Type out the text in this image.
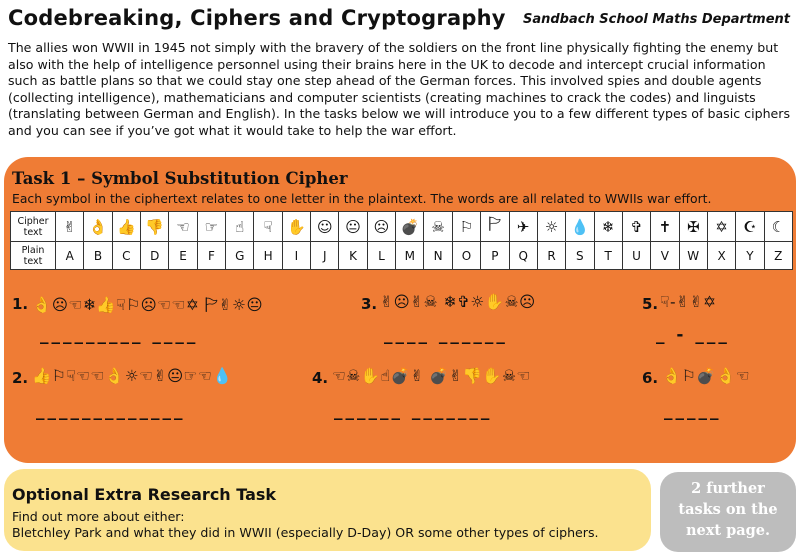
Codebreaking, Ciphers and Cryptography Sandbach School Maths Department
The allies won WWII in 1945 not simply with the bravery of the soldiers on the front line physically fighting the enemy but also with the help of intelligence personnel using their brains here in the UK to decode and intercept crucial information such as battle plans so that we could stay one step ahead of the German forces. This involved spies and double agents (collecting intelligence), mathematicians and computer scientists (creating machines to crack the codes) and linguists (translating between German and English). In the tasks below we will introduce you to a few different types of basic ciphers and you can see if you’ve got what it would take to help the war effort.
Task 1 – Symbol Substitution Cipher
Each symbol in the ciphertext relates to one letter in the plaintext. The words are all related to WWIIs war effort.
Cipher text	✌	👌	👍	👎	☜	☞	☝	☟	✋	☺	😐	☹	💣	☠	⚐	🏱	✈	☼	💧	❄	✞	✝	✠	✡	☪	☾
Plain text	A	B	C	D	E	F	G	H	I	J	K	L	M	N	O	P	Q	R	S	T	U	V	W	X	Y	Z
1. 👌☹☜❄👍☟⚐☹☜☜✡ 🏱✌☼😐
_________ ____
3. ✌☹✌☠ ❄✞☼✋☠☹
____ ______
5. ☟-✌✌✡
_ - ___
2. 👍⚐☟☜☜👌☼☜✌😐☞☜💧
_____________
4. ☜☠✋☝💣✌ 💣✌👎✋☠☜
______ _______
6. 👌⚐💣👌☜
_____
Optional Extra Research Task
Find out more about either:
Bletchley Park and what they did in WWII (especially D-Day) OR some other types of ciphers.
2 further
tasks on the
next page.
